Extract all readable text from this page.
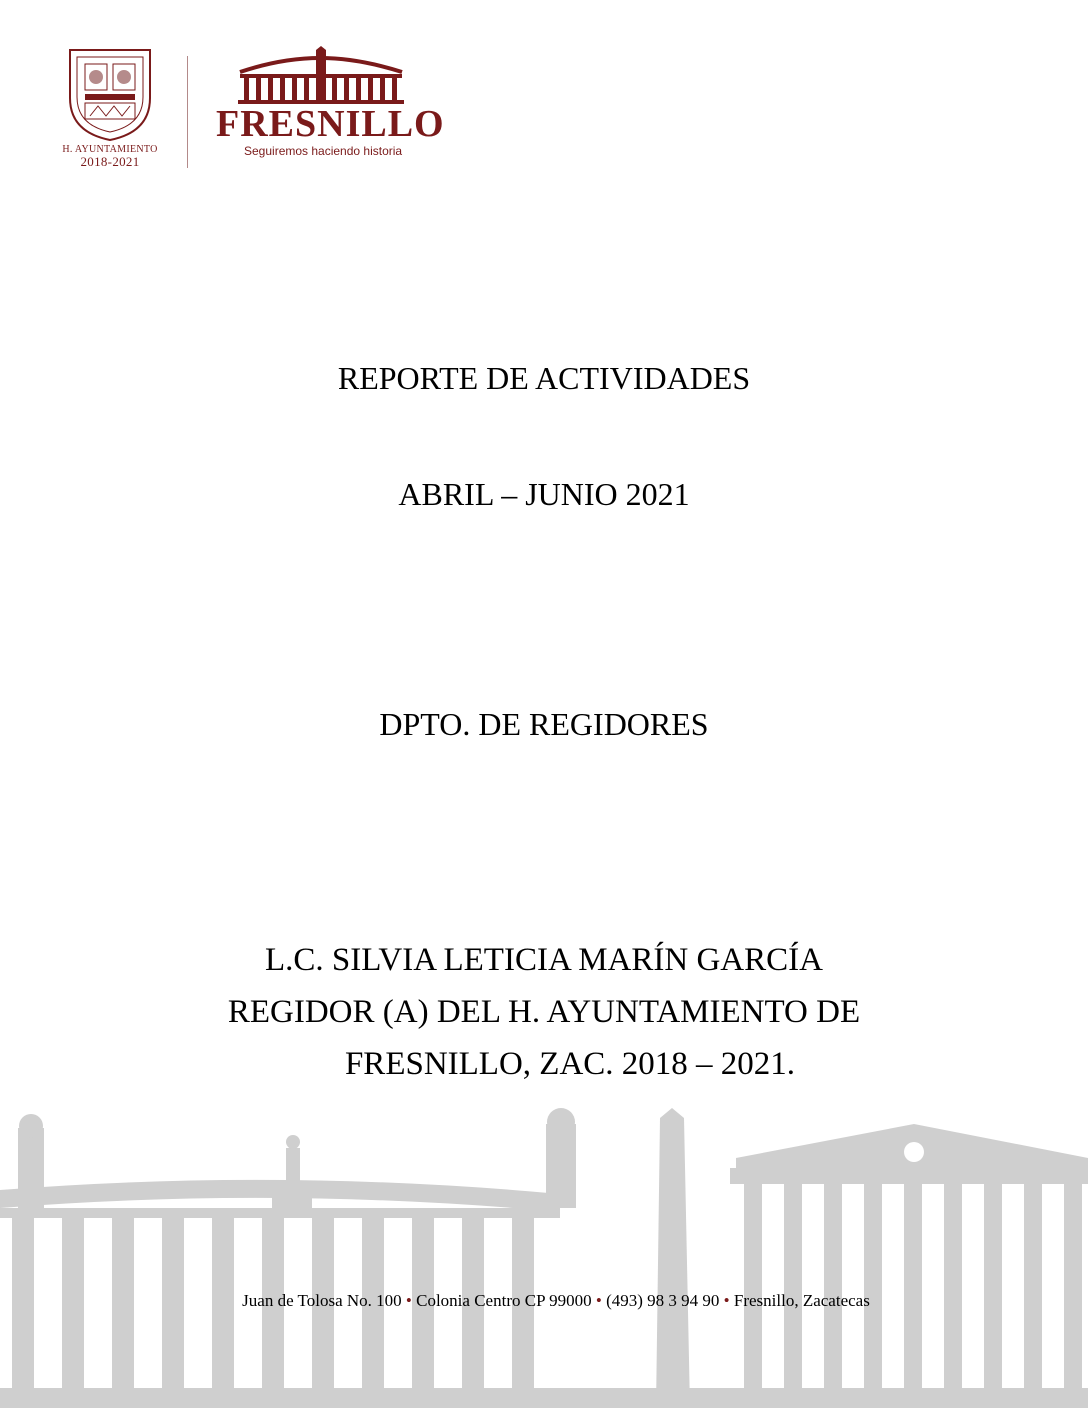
H. AYUNTAMIENTO
2018-2021
FRESNILLO
Seguiremos haciendo historia
REPORTE DE ACTIVIDADES
ABRIL – JUNIO 2021
DPTO. DE REGIDORES
L.C. SILVIA LETICIA MARÍN GARCÍA
REGIDOR (A) DEL H. AYUNTAMIENTO DE
FRESNILLO, ZAC. 2018 – 2021.
Juan de Tolosa No. 100 • Colonia Centro CP 99000 • (493) 98 3 94 90 • Fresnillo, Zacatecas
